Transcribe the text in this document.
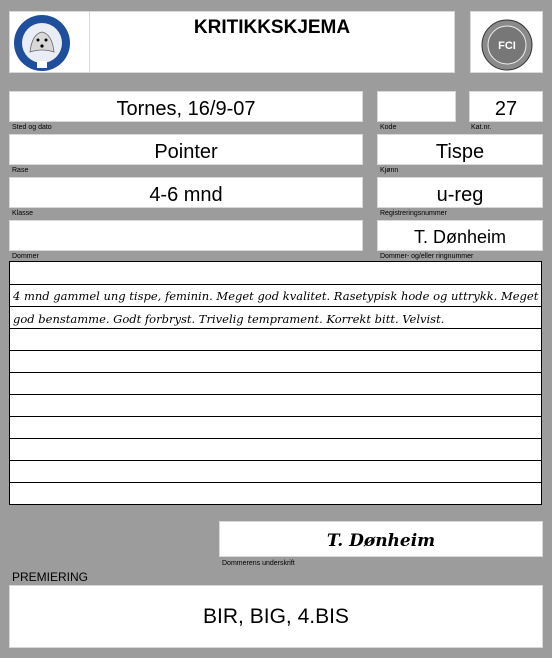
KRITIKKSKJEMA
FCI
Tornes, 16/9-07
Sted og dato	Kode
27
Kat.nr.
Pointer
Rase
Tispe
Kjønn
4-6 mnd
Klasse
u-reg
Registreringsnummer
Dommer
T. Dønheim
Dommer- og/eller ringnummer
4 mnd gammel ung tispe, feminin. Meget god kvalitet. Rasetypisk hode og uttrykk. Meget
god benstamme. Godt forbryst. Trivelig temprament. Korrekt bitt. Velvist.
T. Dønheim
Dommerens underskrift
PREMIERING
BIR, BIG, 4.BIS
